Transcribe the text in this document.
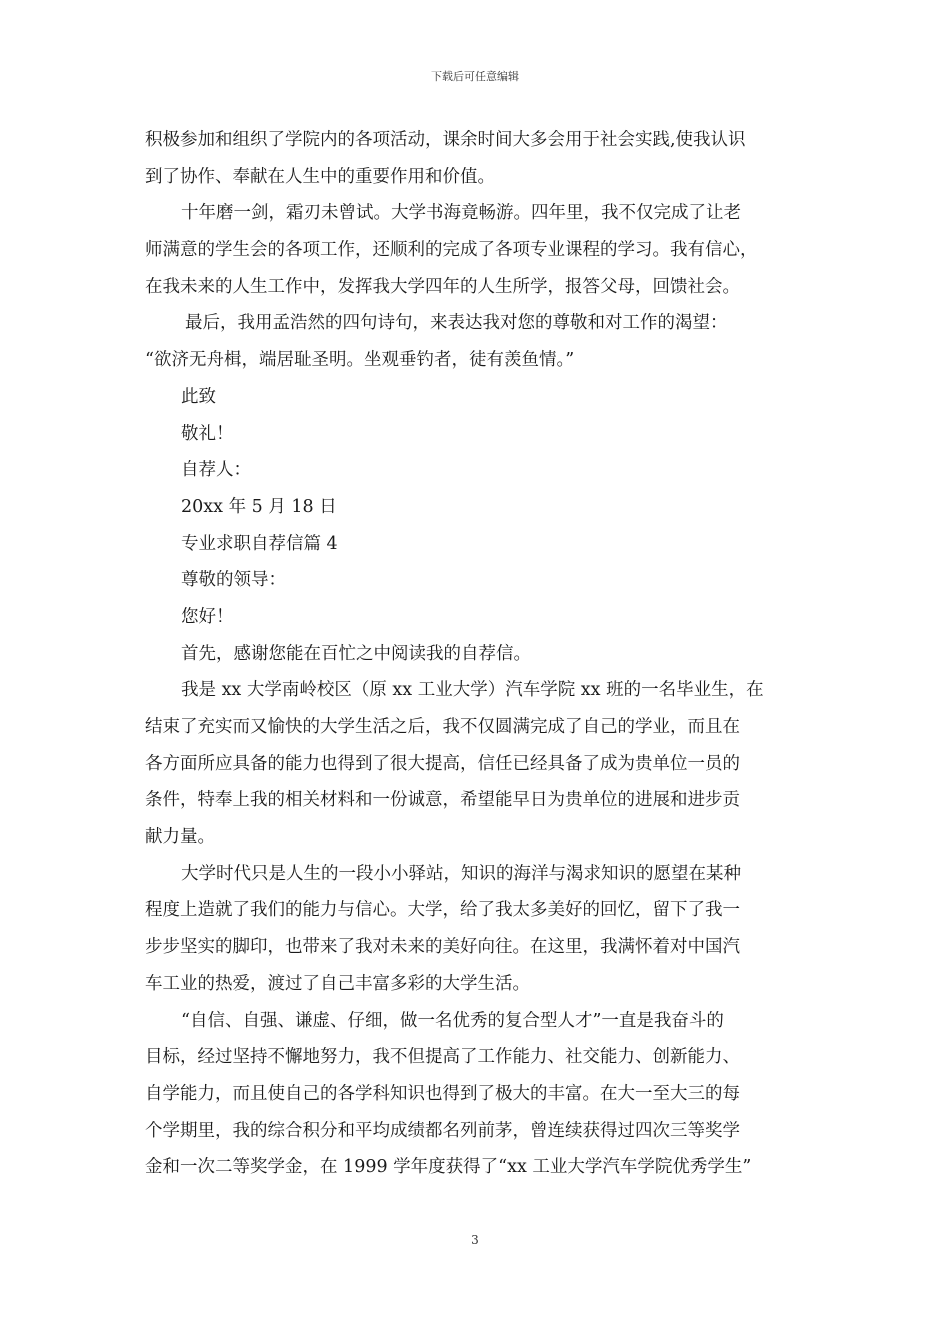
下载后可任意编辑
积极参加和组织了学院内的各项活动，课余时间大多会用于社会实践,使我认识
到了协作、奉献在人生中的重要作用和价值。
十年磨一剑，霜刃未曾试。大学书海竟畅游。四年里，我不仅完成了让老
师满意的学生会的各项工作，还顺利的完成了各项专业课程的学习。我有信心，
在我未来的人生工作中，发挥我大学四年的人生所学，报答父母，回馈社会。
最后，我用孟浩然的四句诗句，来表达我对您的尊敬和对工作的渴望：
“欲济无舟楫，端居耻圣明。坐观垂钓者，徒有羡鱼情。”
此致
敬礼！
自荐人：
20xx 年 5 月 18 日
专业求职自荐信篇 4
尊敬的领导：
您好！
首先，感谢您能在百忙之中阅读我的自荐信。
我是 xx 大学南岭校区（原 xx 工业大学）汽车学院 xx 班的一名毕业生，在
结束了充实而又愉快的大学生活之后，我不仅圆满完成了自己的学业，而且在
各方面所应具备的能力也得到了很大提高，信任已经具备了成为贵单位一员的
条件，特奉上我的相关材料和一份诚意，希望能早日为贵单位的进展和进步贡
献力量。
大学时代只是人生的一段小小驿站，知识的海洋与渴求知识的愿望在某种
程度上造就了我们的能力与信心。大学，给了我太多美好的回忆，留下了我一
步步坚实的脚印，也带来了我对未来的美好向往。在这里，我满怀着对中国汽
车工业的热爱，渡过了自己丰富多彩的大学生活。
“自信、自强、谦虚、仔细，做一名优秀的复合型人才”一直是我奋斗的
目标，经过坚持不懈地努力，我不但提高了工作能力、社交能力、创新能力、
自学能力，而且使自己的各学科知识也得到了极大的丰富。在大一至大三的每
个学期里，我的综合积分和平均成绩都名列前茅，曾连续获得过四次三等奖学
金和一次二等奖学金，在 1999 学年度获得了“xx 工业大学汽车学院优秀学生”
3
